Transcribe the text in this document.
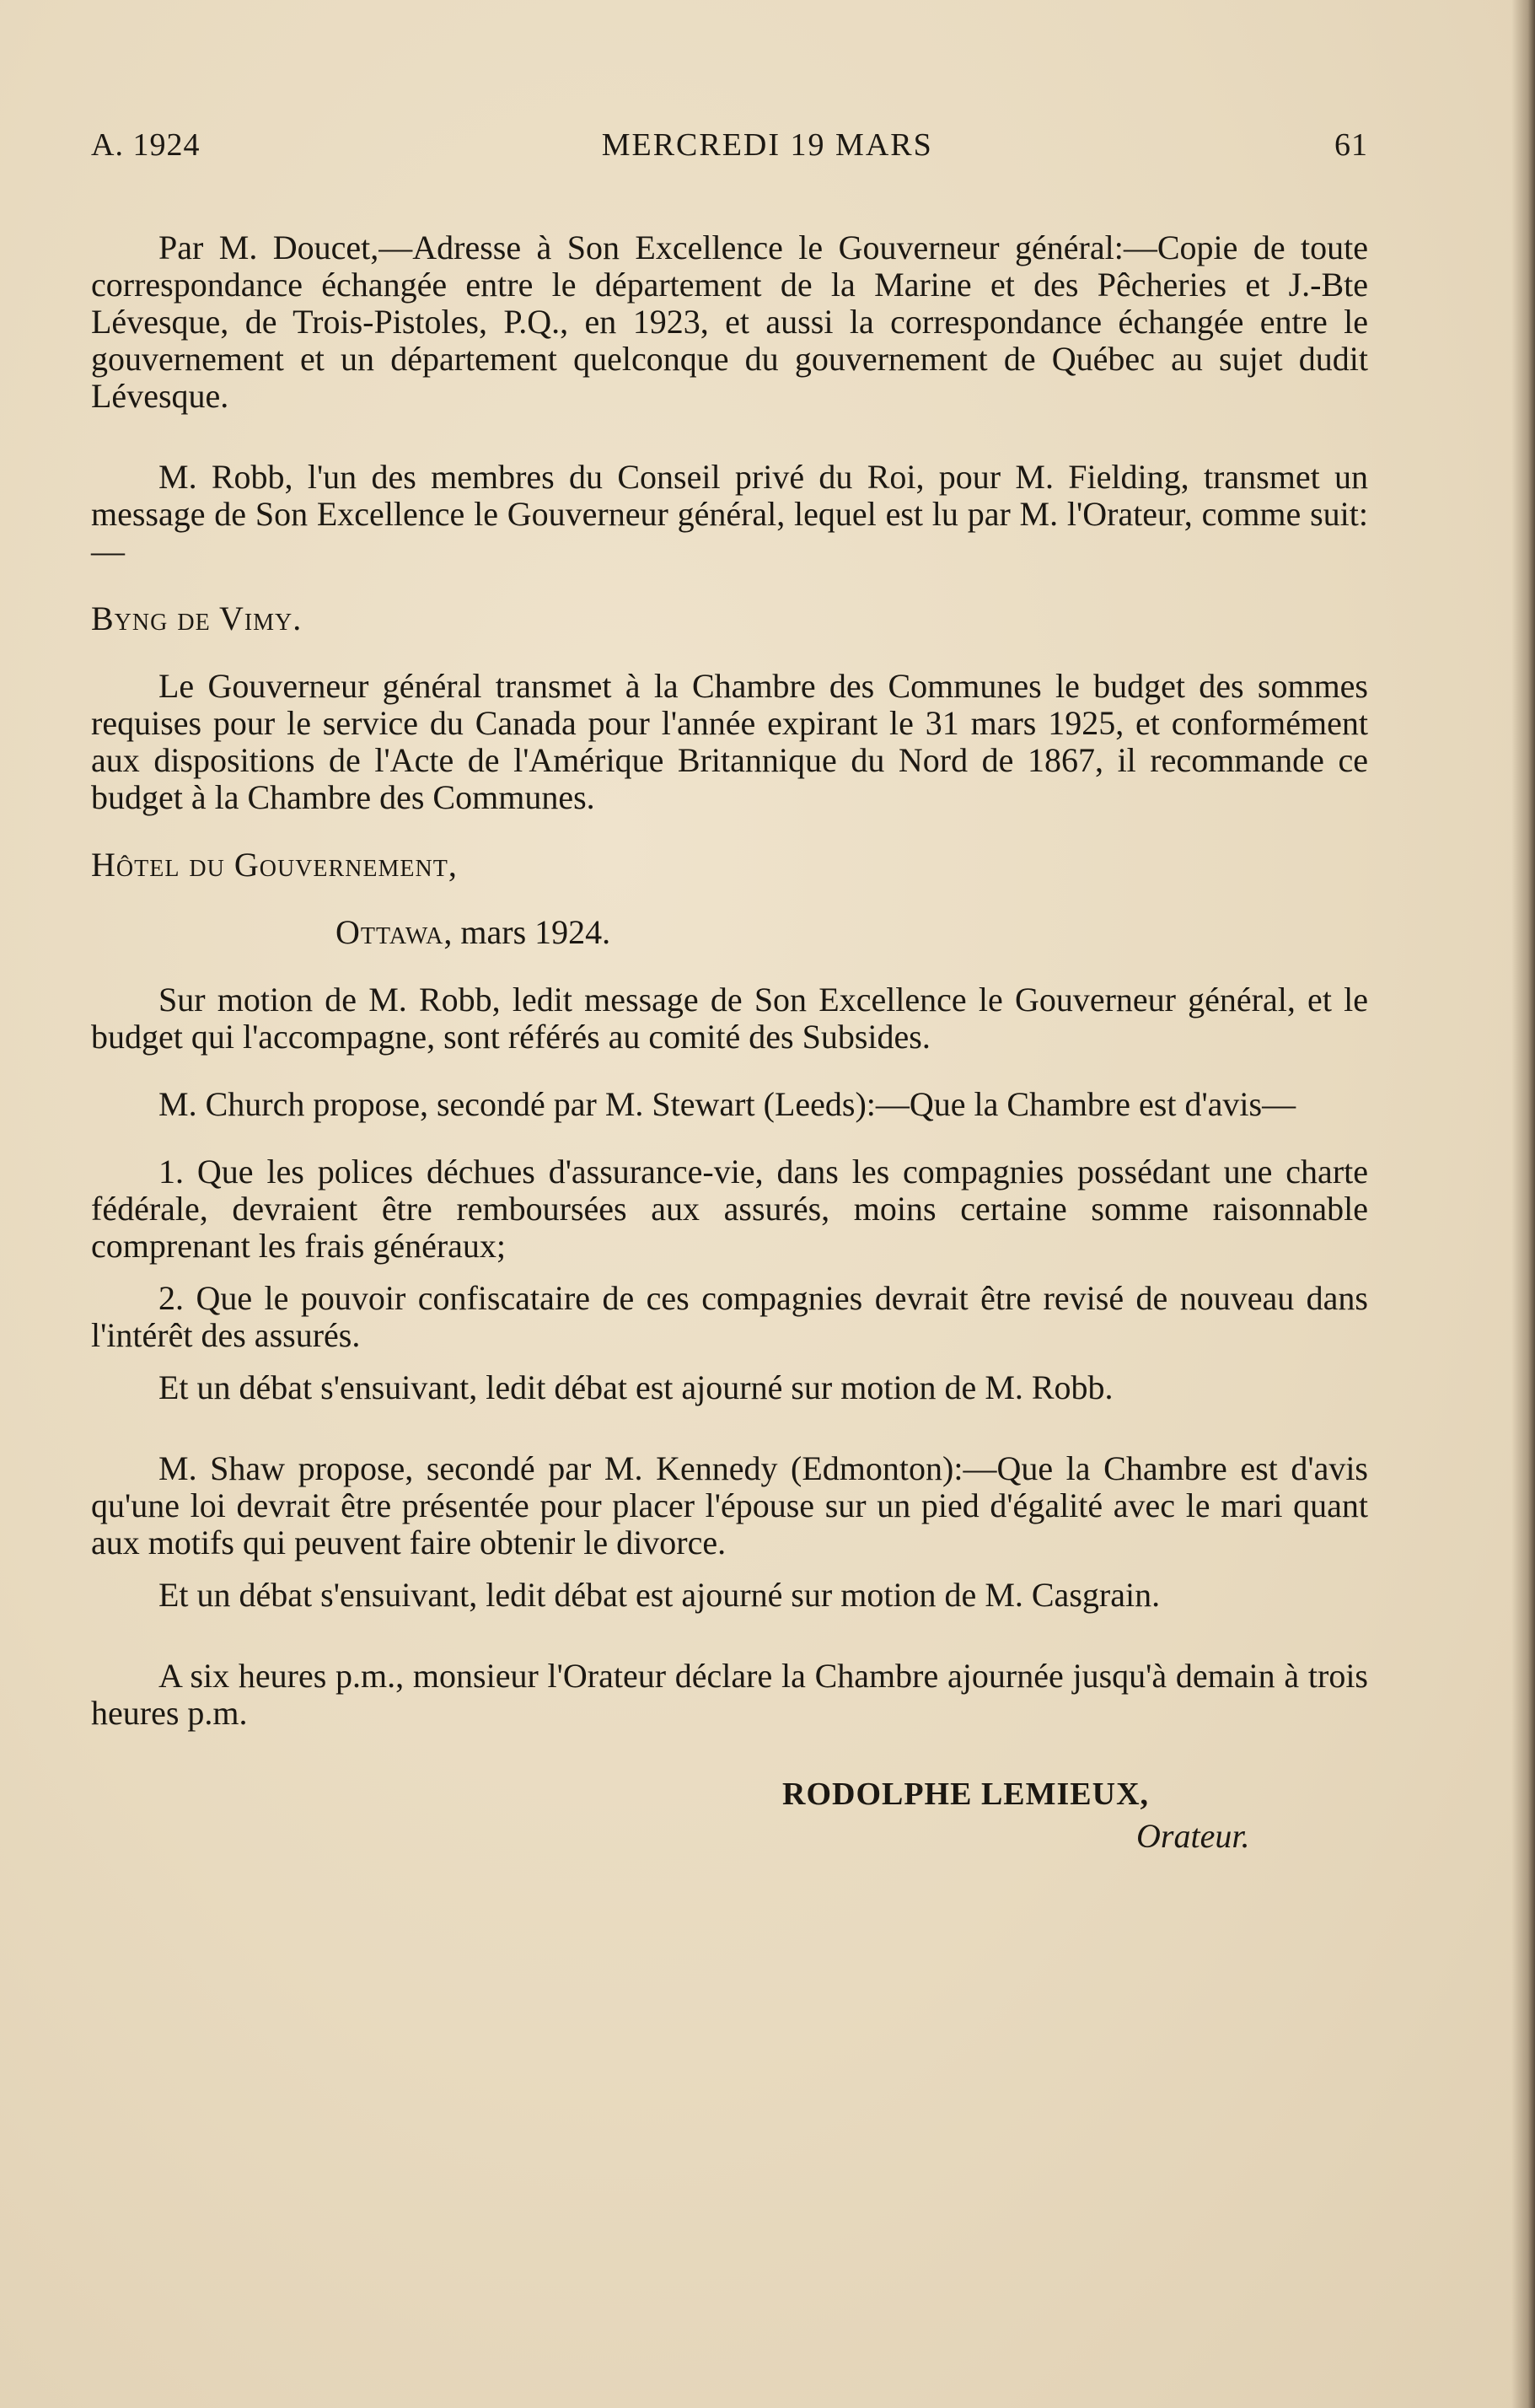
A. 1924	MERCREDI 19 MARS	61

Par M. Doucet,—Adresse à Son Excellence le Gouverneur général:—Copie de toute correspondance échangée entre le département de la Marine et des Pêcheries et J.-Bte Lévesque, de Trois-Pistoles, P.Q., en 1923, et aussi la correspondance échangée entre le gouvernement et un département quelconque du gouvernement de Québec au sujet dudit Lévesque.

M. Robb, l'un des membres du Conseil privé du Roi, pour M. Fielding, transmet un message de Son Excellence le Gouverneur général, lequel est lu par M. l'Orateur, comme suit:—

Byng de Vimy.

Le Gouverneur général transmet à la Chambre des Communes le budget des sommes requises pour le service du Canada pour l'année expirant le 31 mars 1925, et conformément aux dispositions de l'Acte de l'Amérique Britannique du Nord de 1867, il recommande ce budget à la Chambre des Communes.

Hôtel du Gouvernement,

Ottawa, mars 1924.

Sur motion de M. Robb, ledit message de Son Excellence le Gouverneur général, et le budget qui l'accompagne, sont référés au comité des Subsides.

M. Church propose, secondé par M. Stewart (Leeds):—Que la Chambre est d'avis—

1. Que les polices déchues d'assurance-vie, dans les compagnies possédant une charte fédérale, devraient être remboursées aux assurés, moins certaine somme raisonnable comprenant les frais généraux;

2. Que le pouvoir confiscataire de ces compagnies devrait être revisé de nouveau dans l'intérêt des assurés.

Et un débat s'ensuivant, ledit débat est ajourné sur motion de M. Robb.

M. Shaw propose, secondé par M. Kennedy (Edmonton):—Que la Chambre est d'avis qu'une loi devrait être présentée pour placer l'épouse sur un pied d'égalité avec le mari quant aux motifs qui peuvent faire obtenir le divorce.

Et un débat s'ensuivant, ledit débat est ajourné sur motion de M. Casgrain.

A six heures p.m., monsieur l'Orateur déclare la Chambre ajournée jusqu'à demain à trois heures p.m.

RODOLPHE LEMIEUX,
Orateur.
